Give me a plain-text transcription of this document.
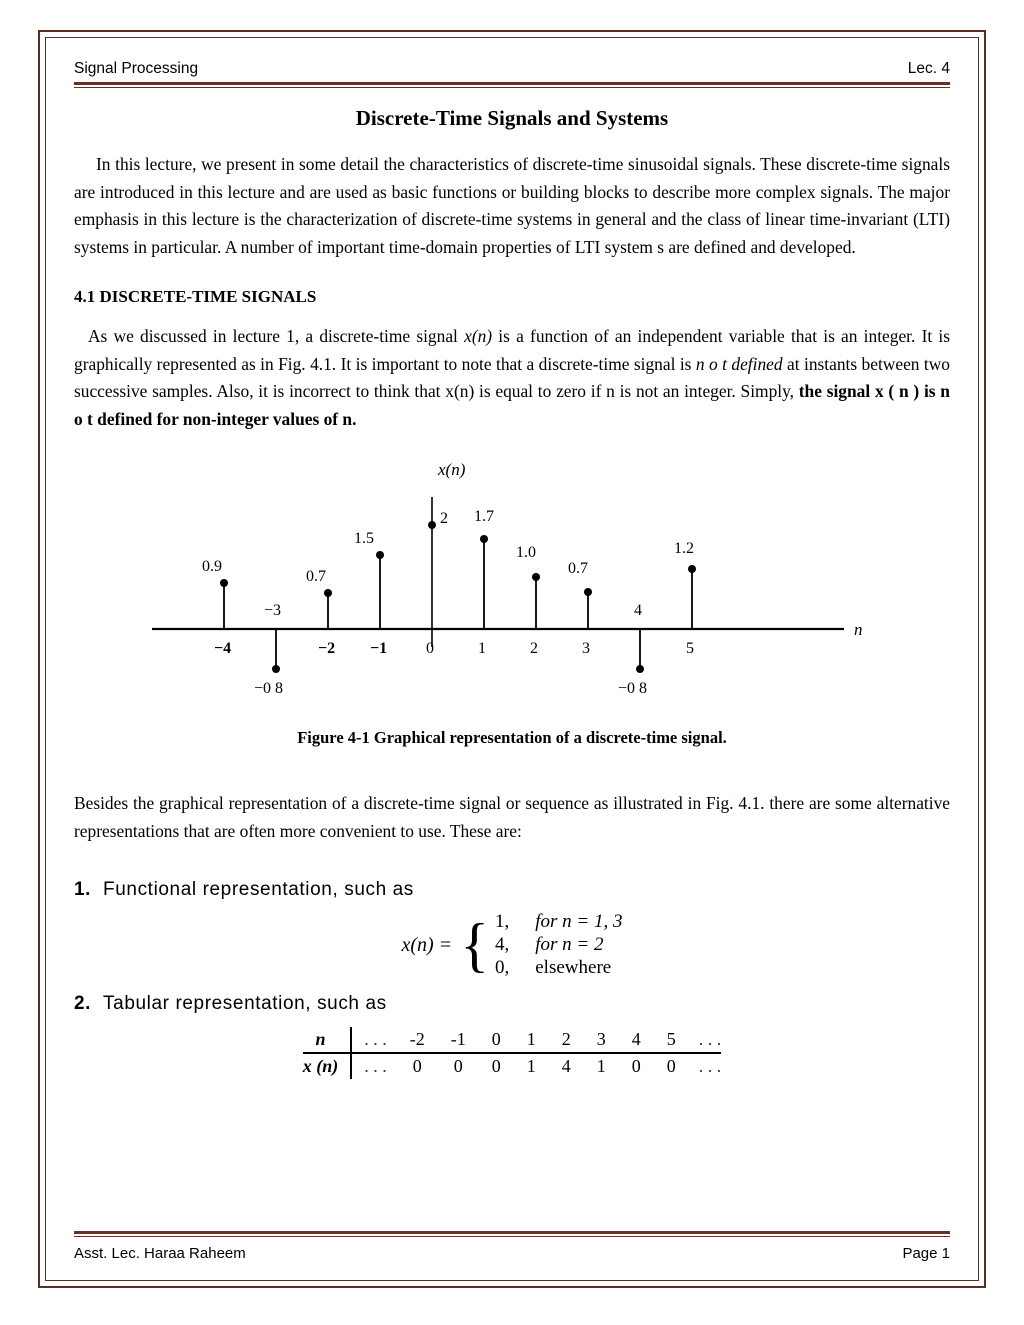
Signal Processing	Lec. 4
Discrete-Time Signals and Systems

In this lecture, we present in some detail the characteristics of discrete-time sinusoidal signals. These discrete-time signals are introduced in this lecture and are used as basic functions or building blocks to describe more complex signals. The major emphasis in this lecture is the characterization of discrete-time systems in general and the class of linear time-invariant (LTI) systems in particular. A number of important time-domain properties of LTI system s are defined and developed.

4.1 DISCRETE-TIME SIGNALS

As we discussed in lecture 1, a discrete-time signal x(n) is a function of an independent variable that is an integer. It is graphically represented as in Fig. 4.1. It is important to note that a discrete-time signal is n o t defined at instants between two successive samples. Also, it is incorrect to think that x(n) is equal to zero if n is not an integer. Simply, the signal x ( n ) is n o t defined for non-integer values of n.

x(n)
n
0.9
−0 8
0.7
1.5
2 1.7
1.0
0.7
−0 8
1.2
−4
−3
−2 −1 0	1	2	3
4
5
Figure 4-1 Graphical representation of a discrete-time signal.

Besides the graphical representation of a discrete-time signal or sequence as illustrated in Fig. 4.1. there are some alternative representations that are often more convenient to use. These are:

1. Functional representation, such as
x(n) = { 1,	for n = 1, 3
4,	for n = 2
0,	elsewhere
2. Tabular representation, such as
n	. . .	-2	-1	0	1	2	3	4	5	. . .
x (n)	. . .	0	0	0	1	4	1	0	0	. . .
Asst. Lec. Haraa Raheem	Page 1
